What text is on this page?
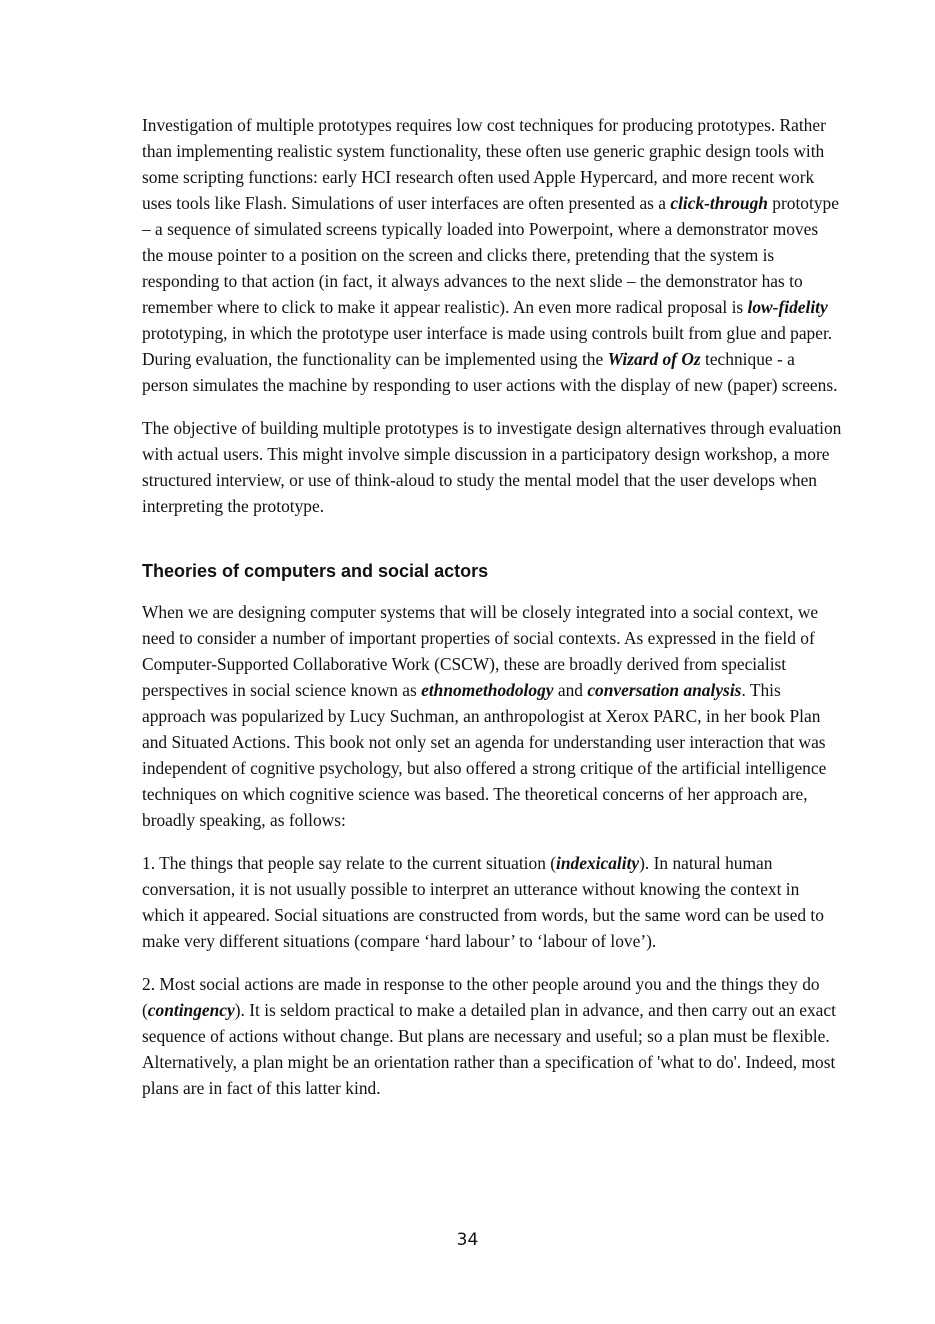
Investigation of multiple prototypes requires low cost techniques for producing prototypes. Rather than implementing realistic system functionality, these often use generic graphic design tools with some scripting functions: early HCI research often used Apple Hypercard, and more recent work uses tools like Flash. Simulations of user interfaces are often presented as a click-through prototype – a sequence of simulated screens typically loaded into Powerpoint, where a demonstrator moves the mouse pointer to a position on the screen and clicks there, pretending that the system is responding to that action (in fact, it always advances to the next slide – the demonstrator has to remember where to click to make it appear realistic). An even more radical proposal is low-fidelity prototyping, in which the prototype user interface is made using controls built from glue and paper. During evaluation, the functionality can be implemented using the Wizard of Oz technique - a person simulates the machine by responding to user actions with the display of new (paper) screens.

The objective of building multiple prototypes is to investigate design alternatives through evaluation with actual users. This might involve simple discussion in a participatory design workshop, a more structured interview, or use of think-aloud to study the mental model that the user develops when interpreting the prototype.

Theories of computers and social actors

When we are designing computer systems that will be closely integrated into a social context, we need to consider a number of important properties of social contexts. As expressed in the field of Computer-Supported Collaborative Work (CSCW), these are broadly derived from specialist perspectives in social science known as ethnomethodology and conversation analysis. This approach was popularized by Lucy Suchman, an anthropologist at Xerox PARC, in her book Plan and Situated Actions. This book not only set an agenda for understanding user interaction that was independent of cognitive psychology, but also offered a strong critique of the artificial intelligence techniques on which cognitive science was based. The theoretical concerns of her approach are, broadly speaking, as follows:

1. The things that people say relate to the current situation (indexicality). In natural human conversation, it is not usually possible to interpret an utterance without knowing the context in which it appeared. Social situations are constructed from words, but the same word can be used to make very different situations (compare ‘hard labour’ to ‘labour of love’).

2. Most social actions are made in response to the other people around you and the things they do (contingency). It is seldom practical to make a detailed plan in advance, and then carry out an exact sequence of actions without change. But plans are necessary and useful; so a plan must be flexible. Alternatively, a plan might be an orientation rather than a specification of 'what to do'. Indeed, most plans are in fact of this latter kind.

34
